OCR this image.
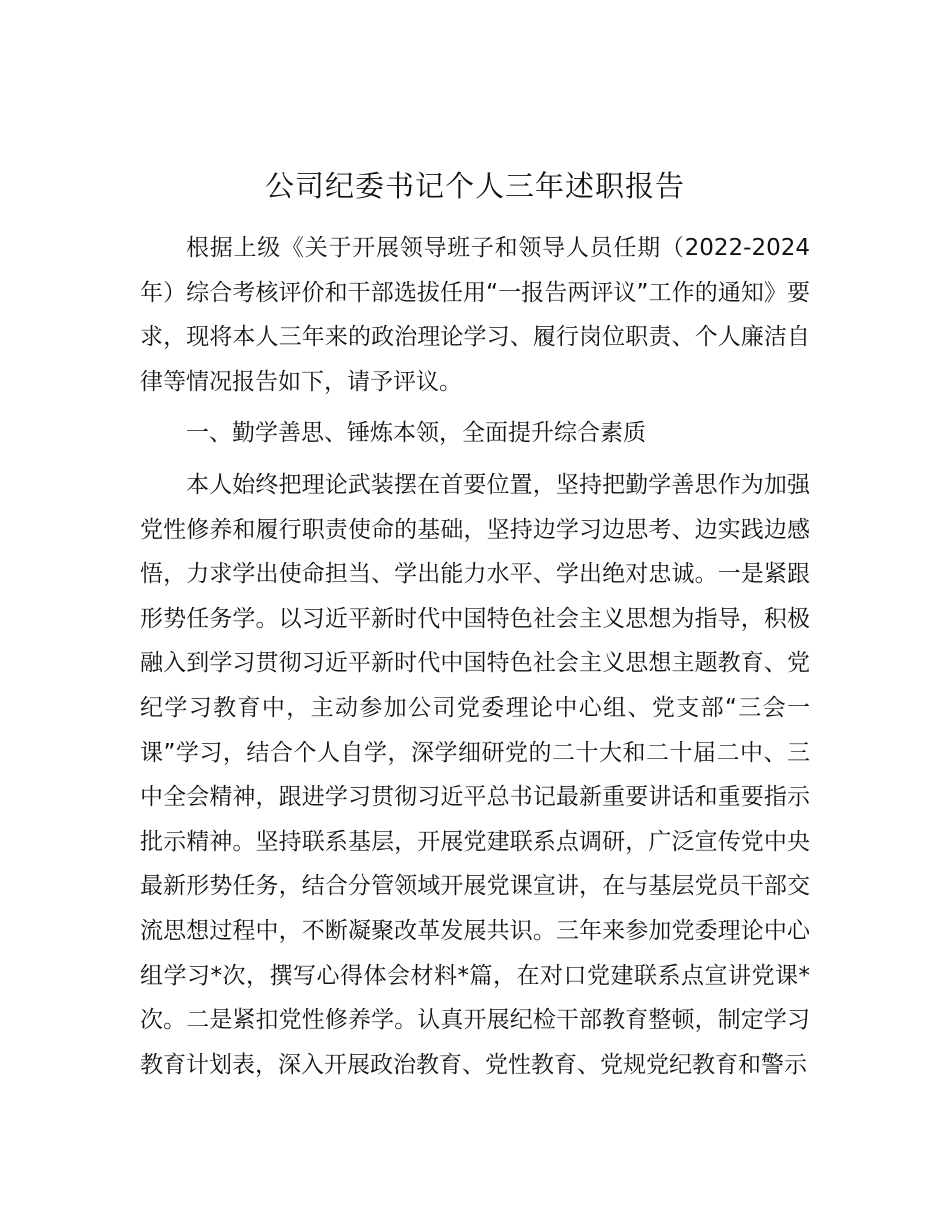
公司纪委书记个人三年述职报告

根据上级《关于开展领导班子和领导人员任期（2022-2024年）综合考核评价和干部选拔任用“一报告两评议”工作的通知》要求，现将本人三年来的政治理论学习、履行岗位职责、个人廉洁自律等情况报告如下，请予评议。

一、勤学善思、锤炼本领，全面提升综合素质

本人始终把理论武装摆在首要位置，坚持把勤学善思作为加强党性修养和履行职责使命的基础，坚持边学习边思考、边实践边感悟，力求学出使命担当、学出能力水平、学出绝对忠诚。一是紧跟形势任务学。以习近平新时代中国特色社会主义思想为指导，积极融入到学习贯彻习近平新时代中国特色社会主义思想主题教育、党纪学习教育中，主动参加公司党委理论中心组、党支部“三会一课”学习，结合个人自学，深学细研党的二十大和二十届二中、三中全会精神，跟进学习贯彻习近平总书记最新重要讲话和重要指示批示精神。坚持联系基层，开展党建联系点调研，广泛宣传党中央最新形势任务，结合分管领域开展党课宣讲，在与基层党员干部交流思想过程中，不断凝聚改革发展共识。三年来参加党委理论中心组学习*次，撰写心得体会材料*篇，在对口党建联系点宣讲党课*次。二是紧扣党性修养学。认真开展纪检干部教育整顿，制定学习教育计划表，深入开展政治教育、党性教育、党规党纪教育和警示
